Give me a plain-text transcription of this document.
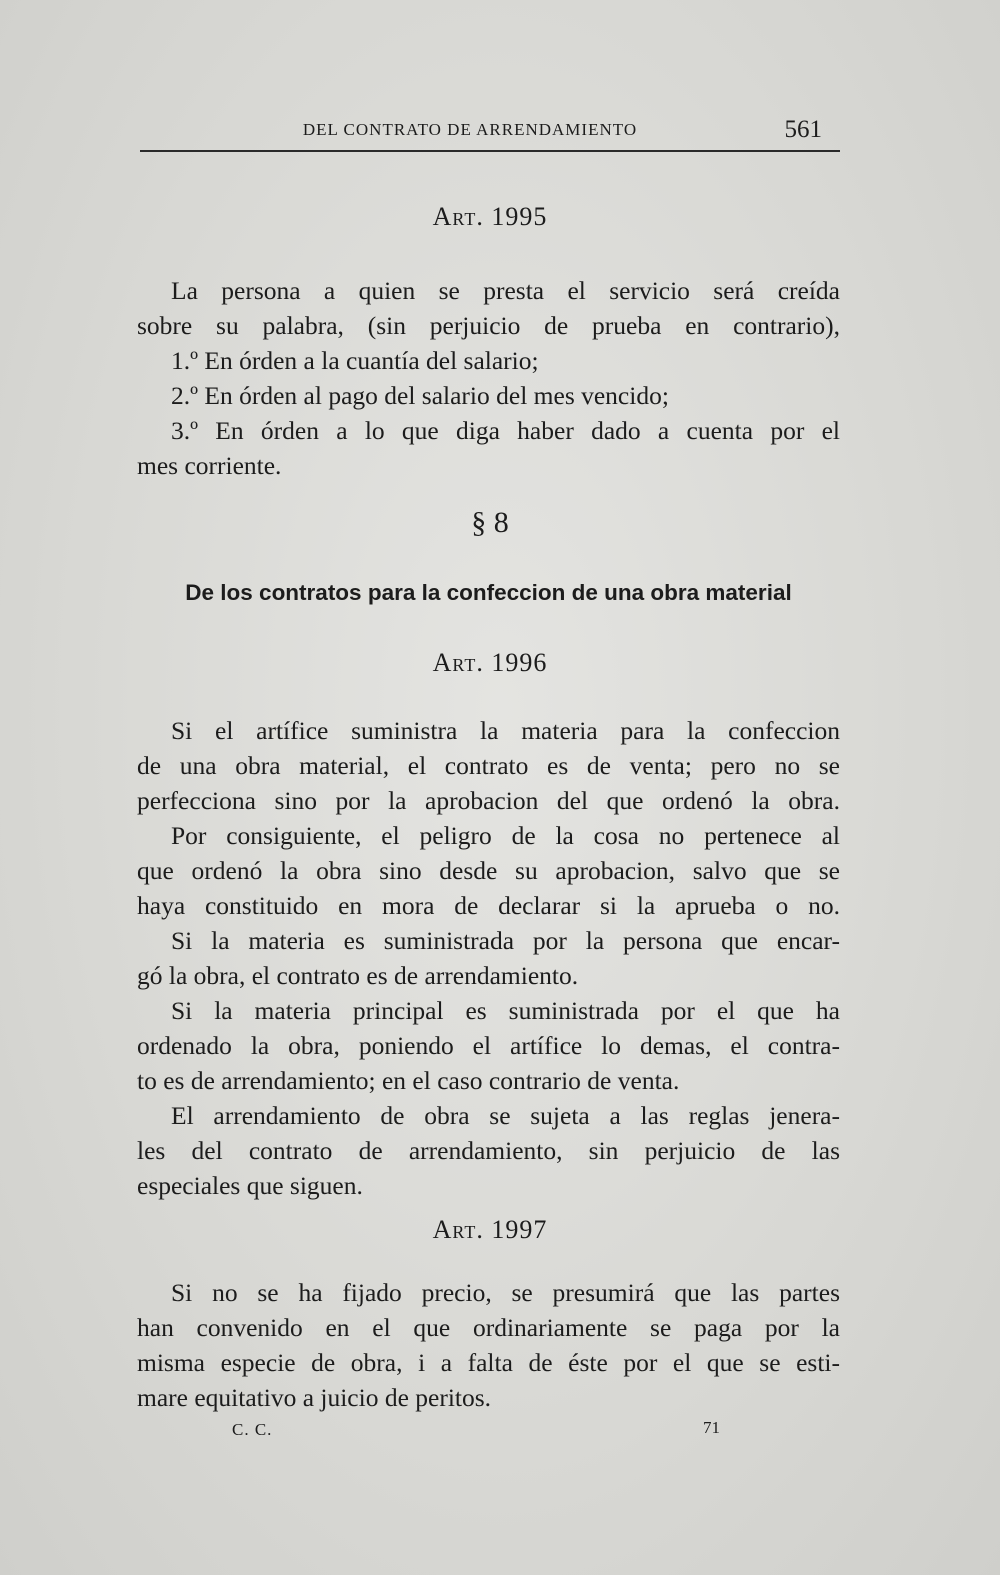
DEL CONTRATO DE ARRENDAMIENTO	561
Art. 1995
La persona a quien se presta el servicio será creída
sobre su palabra, (sin perjuicio de prueba en contrario),
1.º En órden a la cuantía del salario;
2.º En órden al pago del salario del mes vencido;
3.º En órden a lo que diga haber dado a cuenta por el
mes corriente.
§ 8
De los contratos para la confeccion de una obra material
Art. 1996
Si el artífice suministra la materia para la confeccion
de una obra material, el contrato es de venta; pero no se
perfecciona sino por la aprobacion del que ordenó la obra.
Por consiguiente, el peligro de la cosa no pertenece al
que ordenó la obra sino desde su aprobacion, salvo que se
haya constituido en mora de declarar si la aprueba o no.
Si la materia es suministrada por la persona que encar-
gó la obra, el contrato es de arrendamiento.
Si la materia principal es suministrada por el que ha
ordenado la obra, poniendo el artífice lo demas, el contra-
to es de arrendamiento; en el caso contrario de venta.
El arrendamiento de obra se sujeta a las reglas jenera-
les del contrato de arrendamiento, sin perjuicio de las
especiales que siguen.
Art. 1997
Si no se ha fijado precio, se presumirá que las partes
han convenido en el que ordinariamente se paga por la
misma especie de obra, i a falta de éste por el que se esti-
mare equitativo a juicio de peritos.
C. C.	71
